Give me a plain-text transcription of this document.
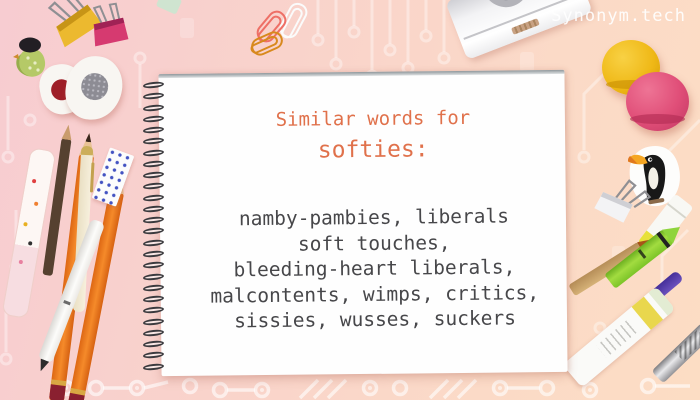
Synonym.tech
Similar words for
softies:
namby-pambies, liberals
soft touches,
bleeding-heart liberals,
malcontents, wimps, critics,
sissies, wusses, suckers
